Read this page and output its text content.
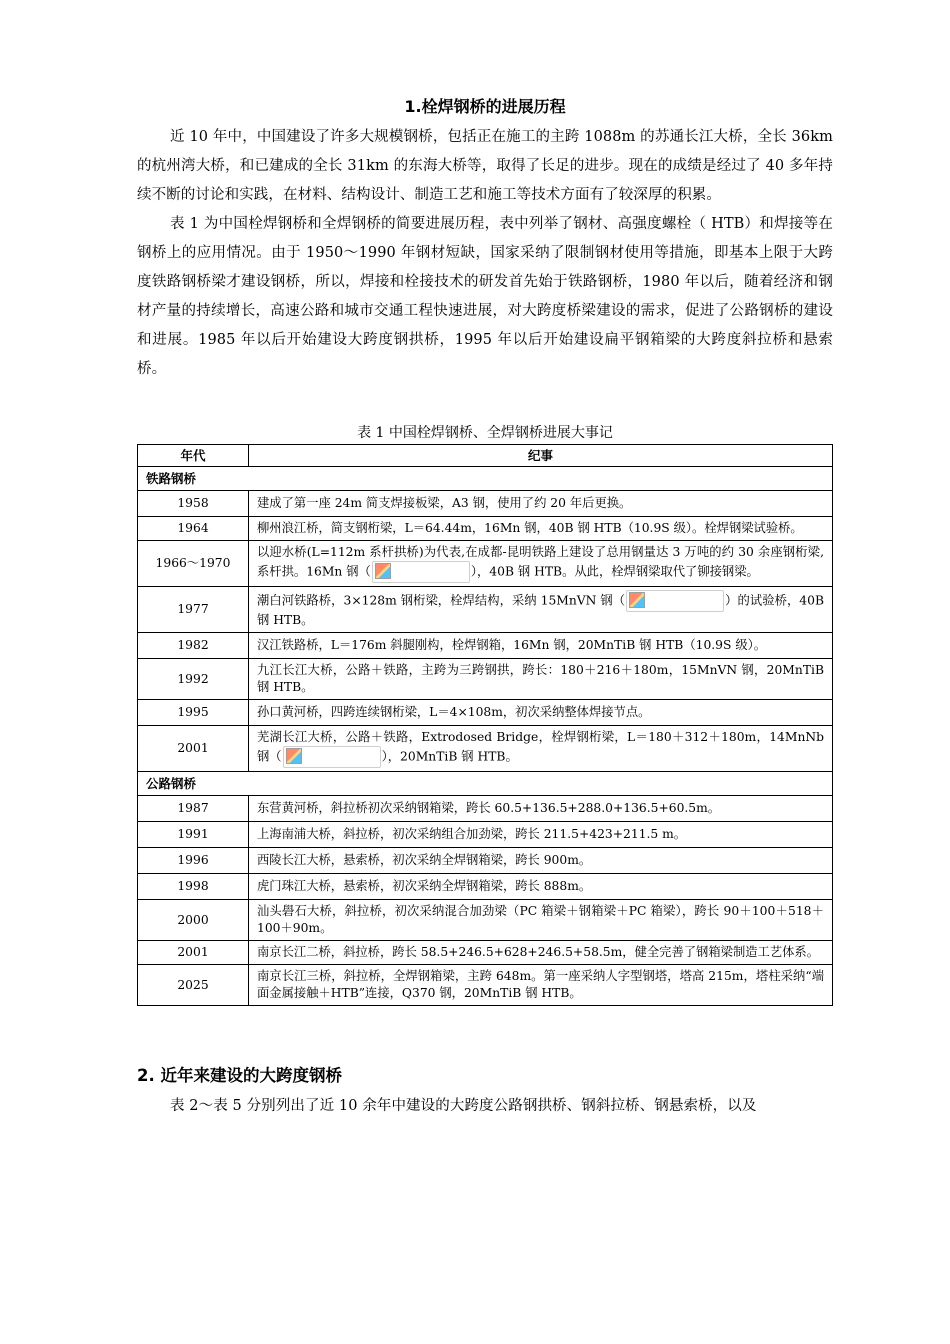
1.栓焊钢桥的进展历程

近 10 年中，中国建设了许多大规模钢桥，包括正在施工的主跨 1088m 的苏通长江大桥，全长 36km 的杭州湾大桥，和已建成的全长 31km 的东海大桥等，取得了长足的进步。现在的成绩是经过了 40 多年持续不断的讨论和实践，在材料、结构设计、制造工艺和施工等技术方面有了较深厚的积累。

表 1 为中国栓焊钢桥和全焊钢桥的简要进展历程，表中列举了钢材、高强度螺栓（ HTB）和焊接等在钢桥上的应用情况。由于 1950～1990 年钢材短缺，国家采纳了限制钢材使用等措施，即基本上限于大跨度铁路钢桥梁才建设钢桥，所以，焊接和栓接技术的研发首先始于铁路钢桥，1980 年以后，随着经济和钢材产量的持续增长，高速公路和城市交通工程快速进展，对大跨度桥梁建设的需求，促进了公路钢桥的建设和进展。1985 年以后开始建设大跨度钢拱桥，1995 年以后开始建设扁平钢箱梁的大跨度斜拉桥和悬索桥。

表 1 中国栓焊钢桥、全焊钢桥进展大事记
年代	纪事
铁路钢桥	
1958	建成了第一座 24m 简支焊接板梁，A3 钢，使用了约 20 年后更换。
1964	柳州浪江桥，简支钢桁梁，L＝64.44m，16Mn 钢，40B 钢 HTB（10.9S 级）。栓焊钢梁试验桥。
1966～1970	以迎水桥(L=112m 系杆拱桥)为代表,在成都-昆明铁路上建设了总用钢量达 3 万吨的约 30 余座钢桁梁,系杆拱。16Mn 钢（ ），40B 钢 HTB。从此，栓焊钢梁取代了铆接钢梁。
1977	潮白河铁路桥，3×128m 钢桁梁，栓焊结构，采纳 15MnVN 钢（ ）的试验桥，40B 钢 HTB。
1982	汉江铁路桥，L＝176m 斜腿刚构，栓焊钢箱，16Mn 钢，20MnTiB 钢 HTB（10.9S 级）。
1992	九江长江大桥，公路＋铁路，主跨为三跨钢拱，跨长：180＋216＋180m，15MnVN 钢，20MnTiB 钢 HTB。
1995	孙口黄河桥，四跨连续钢桁梁，L＝4×108m，初次采纳整体焊接节点。
2001	芜湖长江大桥，公路＋铁路，Extrodosed Bridge，栓焊钢桁梁，L＝180＋312＋180m，14MnNb 钢（ ），20MnTiB 钢 HTB。
公路钢桥	
1987	东营黄河桥，斜拉桥初次采纳钢箱梁，跨长 60.5+136.5+288.0+136.5+60.5m。
1991	上海南浦大桥，斜拉桥，初次采纳组合加劲梁，跨长 211.5+423+211.5 m。
1996	西陵长江大桥，悬索桥，初次采纳全焊钢箱梁，跨长 900m。
1998	虎门珠江大桥，悬索桥，初次采纳全焊钢箱梁，跨长 888m。
2000	汕头礐石大桥，斜拉桥，初次采纳混合加劲梁（PC 箱梁＋钢箱梁＋PC 箱梁），跨长 90＋100＋518＋100＋90m。
2001	南京长江二桥，斜拉桥，跨长 58.5+246.5+628+246.5+58.5m，健全完善了钢箱梁制造工艺体系。
2025	南京长江三桥，斜拉桥，全焊钢箱梁，主跨 648m。第一座采纳人字型钢塔，塔高 215m，塔柱采纳“端面金属接触＋HTB”连接，Q370 钢，20MnTiB 钢 HTB。
2. 近年来建设的大跨度钢桥

表 2～表 5 分别列出了近 10 余年中建设的大跨度公路钢拱桥、钢斜拉桥、钢悬索桥，以及
